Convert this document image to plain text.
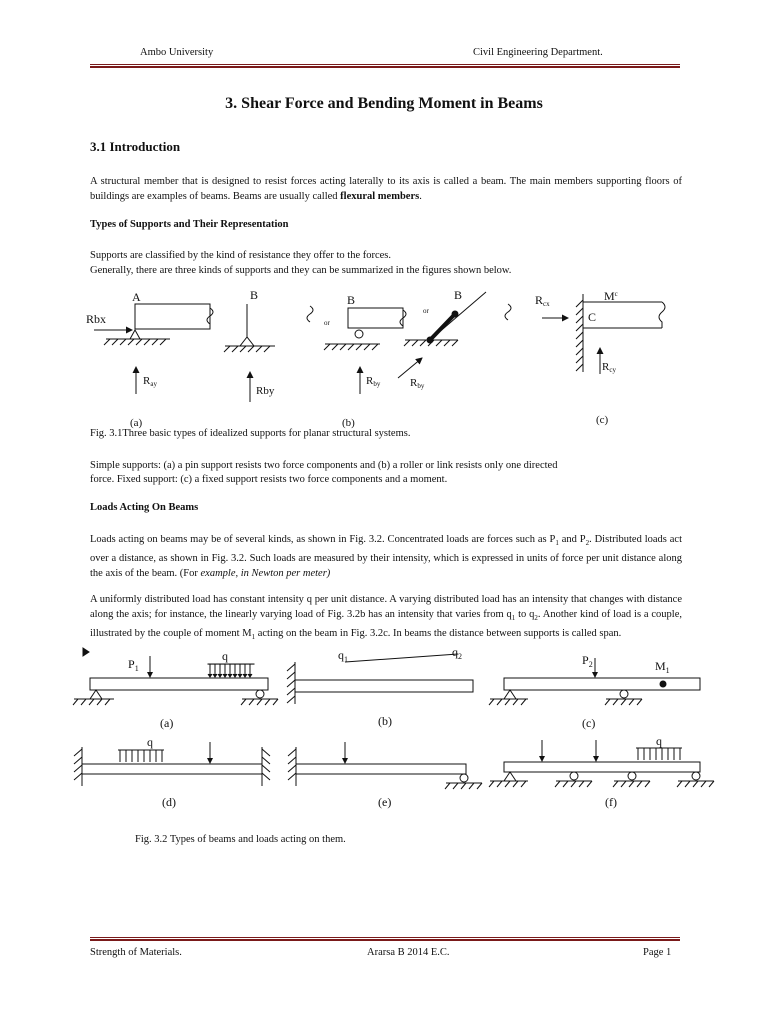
Ambo University	Civil Engineering Department.
3. Shear Force and Bending Moment in Beams
3.1 Introduction
A structural member that is designed to resist forces acting laterally to its axis is called a beam. The main members supporting floors of buildings are examples of beams. Beams are usually called flexural members.
Types of Supports and Their Representation
Supports are classified by the kind of resistance they offer to the forces.
Generally, there are three kinds of supports and they can be summarized in the figures shown below.
A
Rbx
Ray
(a)
B
Rby
or
B
Rby
(b)
or
B
Rby
Rcx
$M^c$
C
Rcy
(c)
Fig. 3.1Three basic types of idealized supports for planar structural systems.
Simple supports: (a) a pin support resists two force components and (b) a roller or link resists only one directed
force. Fixed support: (c) a fixed support resists two force components and a moment.
Loads Acting On Beams
Loads acting on beams may be of several kinds, as shown in Fig. 3.2. Concentrated loads are forces such as $P_1$ and $P_2$. Distributed loads act over a distance, as shown in Fig. 3.2. Such loads are measured by their intensity, which is expressed in units of force per unit distance along the axis of the beam. (For example, in Newton per meter)
A uniformly distributed load has constant intensity q per unit distance. A varying distributed load has an intensity that changes with distance along the axis; for instance, the linearly varying load of Fig. 3.2b has an intensity that varies from $q_1$ to $q_2$. Another kind of load is a couple, illustrated by the couple of moment $M_1$ acting on the beam in Fig. 3.2c. In beams the distance between supports is called span.
$P_1$
q
(a)
$q_1$
$q_2$
(b)
$P_2$	$M_1$
(c)
q
(d)	(e)
q
(f)
Fig. 3.2 Types of beams and loads acting on them.
Strength of Materials.	Ararsa B 2014 E.C.	Page 1
